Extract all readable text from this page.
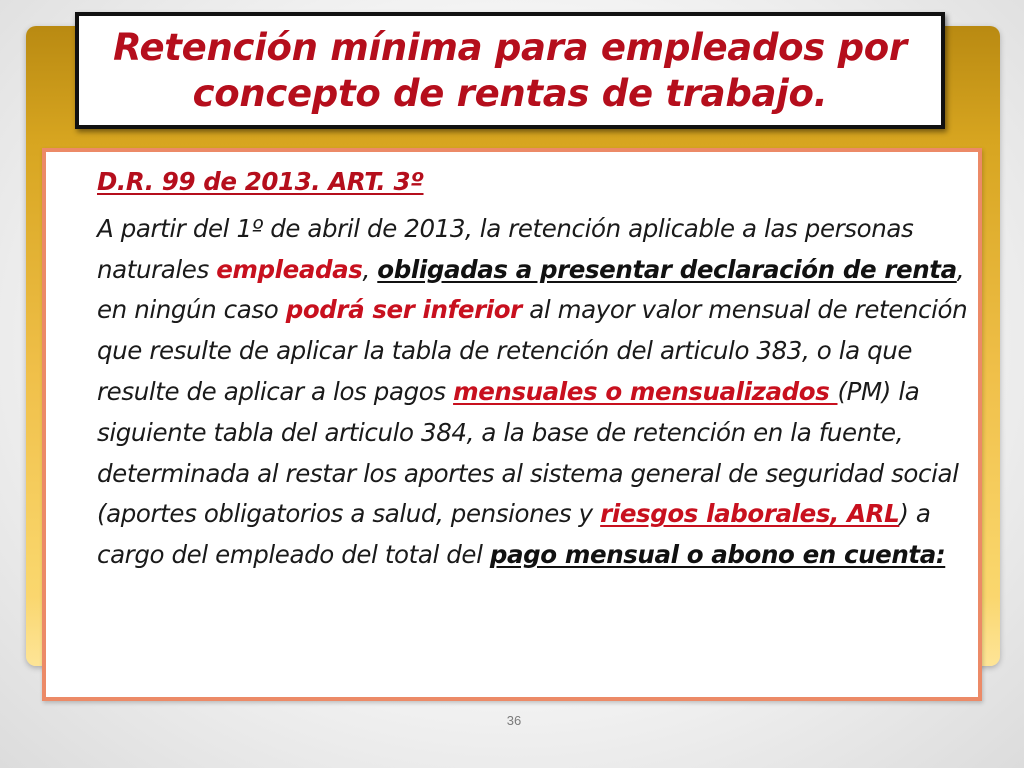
Retención mínima para empleados por
concepto de rentas de trabajo.

D.R. 99 de 2013. ART. 3º

A partir del 1º de abril de 2013, la retención aplicable a las personas naturales empleadas, obligadas a presentar declaración de renta, en ningún caso podrá ser inferior al mayor valor mensual de retención que resulte de aplicar la tabla de retención del articulo 383, o la que resulte de aplicar a los pagos mensuales o mensualizados (PM) la siguiente tabla del articulo 384, a la base de retención en la fuente, determinada al restar los aportes al sistema general de seguridad social (aportes obligatorios a salud, pensiones y riesgos laborales, ARL) a cargo del empleado del total del pago mensual o abono en cuenta:

36
